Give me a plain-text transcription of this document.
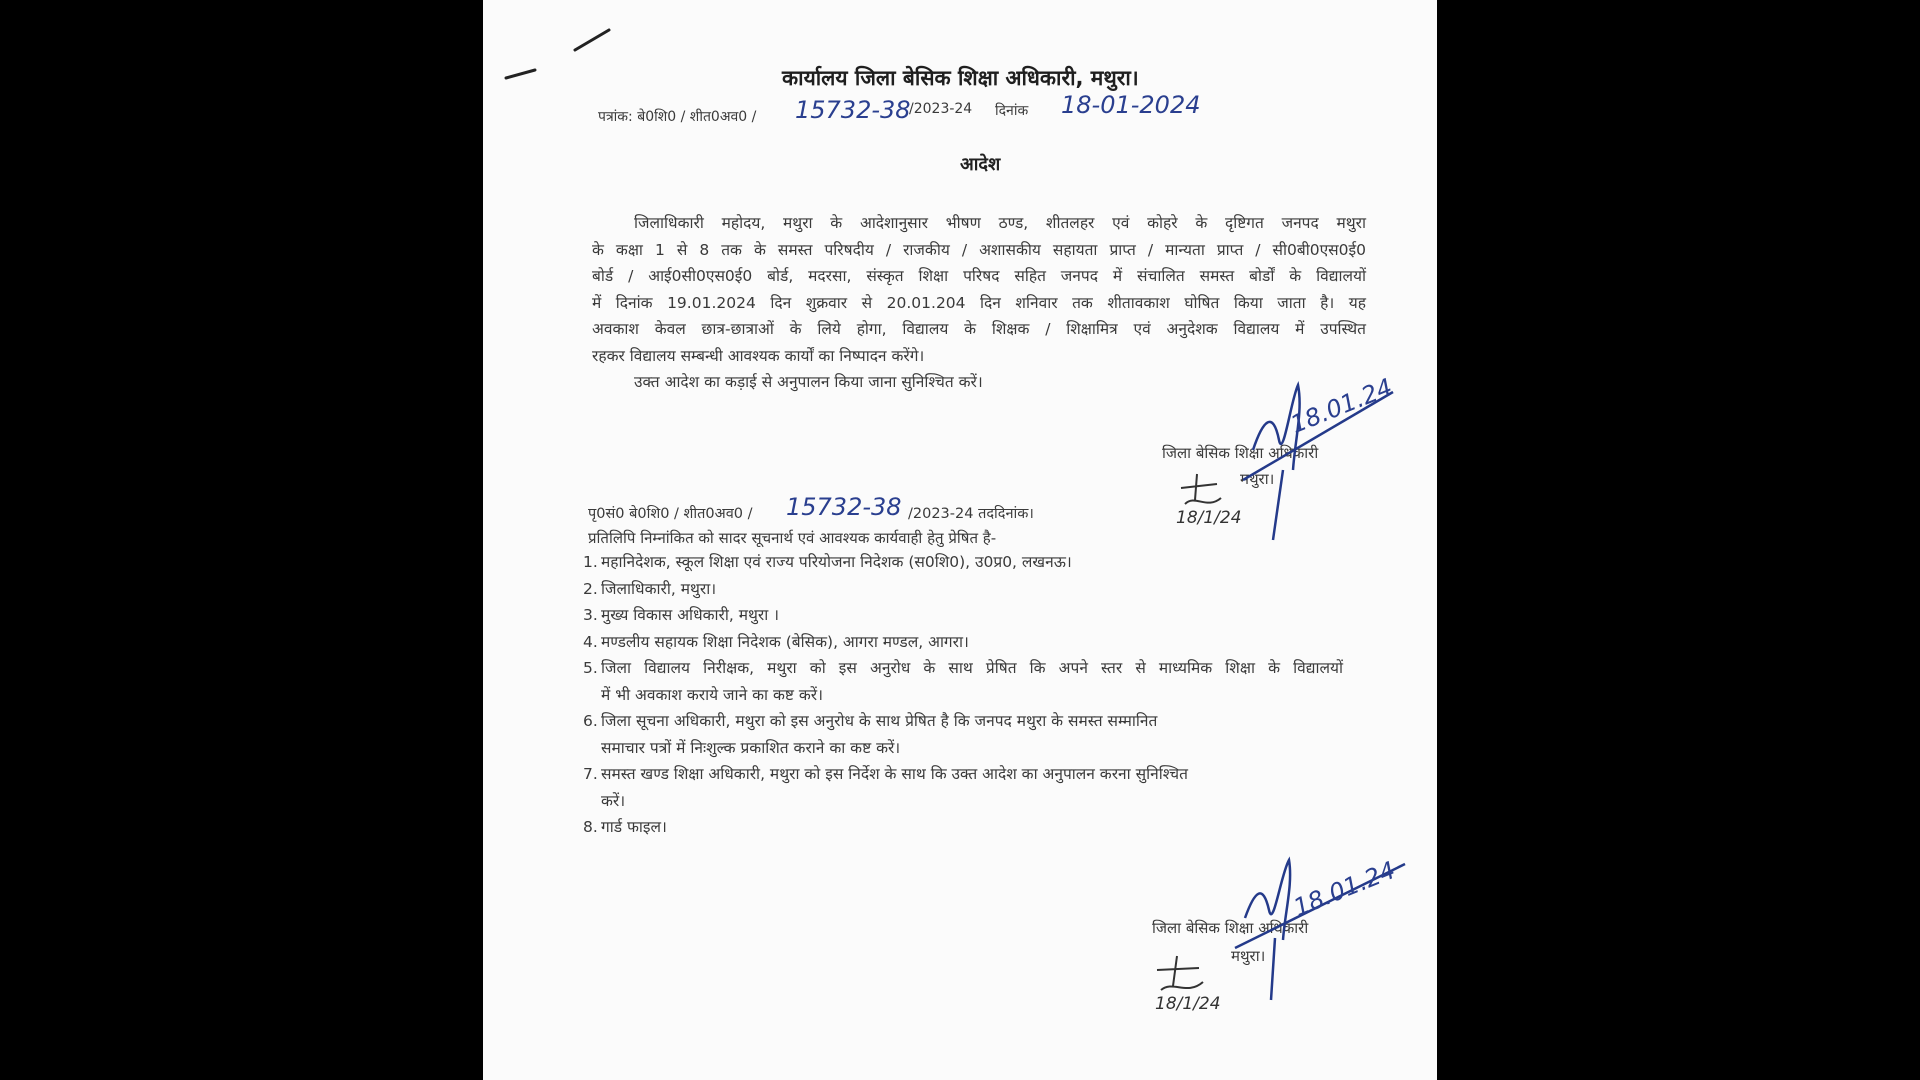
कार्यालय जिला बेसिक शिक्षा अधिकारी, मथुरा।
पत्रांक: बे0शि0 / शीत0अव0 / 15732-38
/2023-24 दिनांक 18-01-2024
आदेश
जिलाधिकारी महोदय, मथुरा के आदेशानुसार भीषण ठण्ड, शीतलहर एवं कोहरे के दृष्टिगत जनपद मथुरा
के कक्षा 1 से 8 तक के समस्त परिषदीय / राजकीय / अशासकीय सहायता प्राप्त / मान्यता प्राप्त / सी0बी0एस0ई0
बोर्ड / आई0सी0एस0ई0 बोर्ड, मदरसा, संस्कृत शिक्षा परिषद सहित जनपद में संचालित समस्त बोर्डों के विद्यालयों
में दिनांक 19.01.2024 दिन शुक्रवार से 20.01.204 दिन शनिवार तक शीतावकाश घोषित किया जाता है। यह
अवकाश केवल छात्र-छात्राओं के लिये होगा, विद्यालय के शिक्षक / शिक्षामित्र एवं अनुदेशक विद्यालय में उपस्थित
रहकर विद्यालय सम्बन्धी आवश्यक कार्यों का निष्पादन करेंगे।
उक्त आदेश का कड़ाई से अनुपालन किया जाना सुनिश्चित करें।
जिला बेसिक शिक्षा अधिकारी
मथुरा।
18.01.24
18/1/24
पृ0सं0 बे0शि0 / शीत0अव0 / 15732-38 /2023-24 तददिनांक।
प्रतिलिपि निम्नांकित को सादर सूचनार्थ एवं आवश्यक कार्यवाही हेतु प्रेषित है-
1. महानिदेशक, स्कूल शिक्षा एवं राज्य परियोजना निदेशक (स0शि0), उ0प्र0, लखनऊ।
2. जिलाधिकारी, मथुरा।
3. मुख्य विकास अधिकारी, मथुरा ।
4. मण्डलीय सहायक शिक्षा निदेशक (बेसिक), आगरा मण्डल, आगरा।
5. जिला विद्यालय निरीक्षक, मथुरा को इस अनुरोध के साथ प्रेषित कि अपने स्तर से माध्यमिक शिक्षा के विद्यालयों
में भी अवकाश कराये जाने का कष्ट करें।
6. जिला सूचना अधिकारी, मथुरा को इस अनुरोध के साथ प्रेषित है कि जनपद मथुरा के समस्त सम्मानित
समाचार पत्रों में निःशुल्क प्रकाशित कराने का कष्ट करें।
7. समस्त खण्ड शिक्षा अधिकारी, मथुरा को इस निर्देश के साथ कि उक्त आदेश का अनुपालन करना सुनिश्चित
करें।
8. गार्ड फाइल।
जिला बेसिक शिक्षा अधिकारी
मथुरा।
18.01.24
18/1/24
